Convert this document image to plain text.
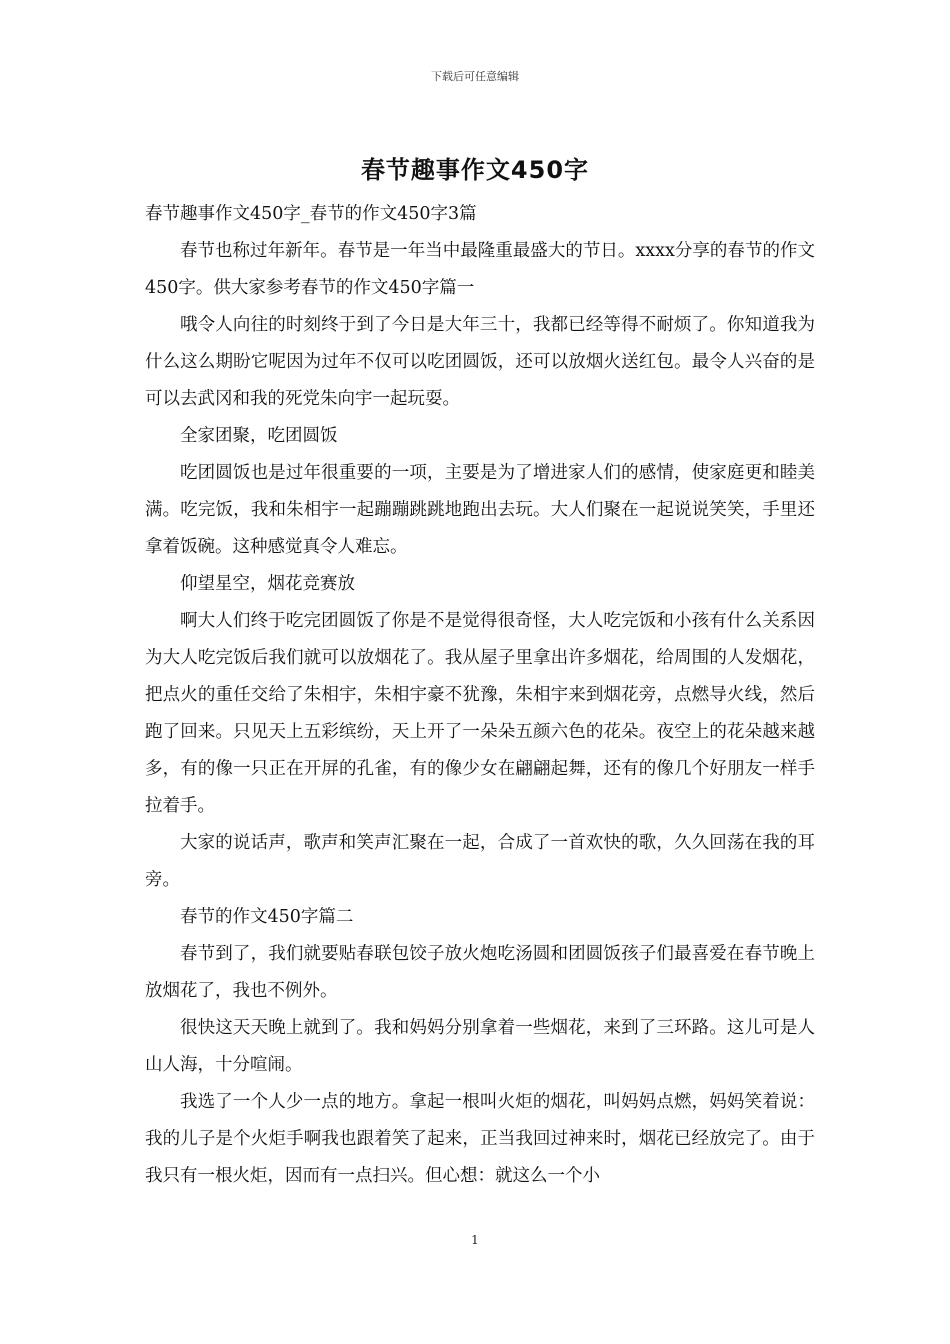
下载后可任意编辑
春节趣事作文450字

春节趣事作文450字_春节的作文450字3篇

春节也称过年新年。春节是一年当中最隆重最盛大的节日。xxxx分享的春节的作文450字。供大家参考春节的作文450字篇一

哦令人向往的时刻终于到了今日是大年三十，我都已经等得不耐烦了。你知道我为什么这么期盼它呢因为过年不仅可以吃团圆饭，还可以放烟火送红包。最令人兴奋的是可以去武冈和我的死党朱向宇一起玩耍。

全家团聚，吃团圆饭

吃团圆饭也是过年很重要的一项，主要是为了增进家人们的感情，使家庭更和睦美满。吃完饭，我和朱相宇一起蹦蹦跳跳地跑出去玩。大人们聚在一起说说笑笑，手里还拿着饭碗。这种感觉真令人难忘。

仰望星空，烟花竞赛放

啊大人们终于吃完团圆饭了你是不是觉得很奇怪，大人吃完饭和小孩有什么关系因为大人吃完饭后我们就可以放烟花了。我从屋子里拿出许多烟花，给周围的人发烟花，把点火的重任交给了朱相宇，朱相宇豪不犹豫，朱相宇来到烟花旁，点燃导火线，然后跑了回来。只见天上五彩缤纷，天上开了一朵朵五颜六色的花朵。夜空上的花朵越来越多，有的像一只正在开屏的孔雀，有的像少女在翩翩起舞，还有的像几个好朋友一样手拉着手。

大家的说话声，歌声和笑声汇聚在一起，合成了一首欢快的歌，久久回荡在我的耳旁。

春节的作文450字篇二

春节到了，我们就要贴春联包饺子放火炮吃汤圆和团圆饭孩子们最喜爱在春节晚上放烟花了，我也不例外。

很快这天天晚上就到了。我和妈妈分别拿着一些烟花，来到了三环路。这儿可是人山人海，十分喧闹。

我选了一个人少一点的地方。拿起一根叫火炬的烟花，叫妈妈点燃，妈妈笑着说：我的儿子是个火炬手啊我也跟着笑了起来，正当我回过神来时，烟花已经放完了。由于我只有一根火炬，因而有一点扫兴。但心想：就这么一个小

1
